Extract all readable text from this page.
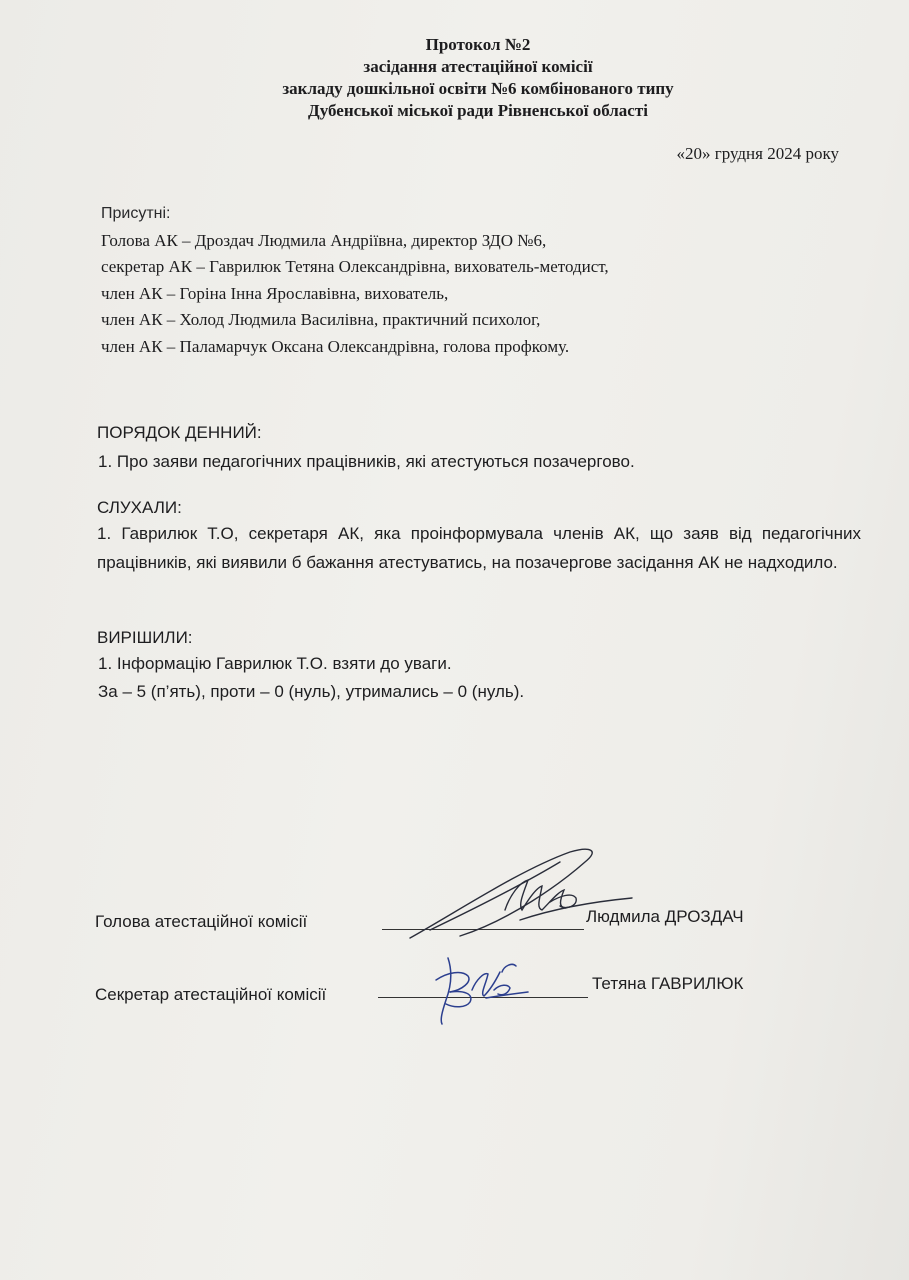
Протокол №2
засідання атестаційної комісії
закладу дошкільної освіти №6 комбінованого типу
Дубенської міської ради Рівненської області
«20» грудня 2024 року
Присутні:
Голова АК – Дроздач Людмила Андріївна, директор ЗДО №6,
секретар АК – Гаврилюк Тетяна Олександрівна, вихователь-методист,
член АК – Горіна Інна Ярославівна, вихователь,
член АК – Холод Людмила Василівна, практичний психолог,
член АК – Паламарчук Оксана Олександрівна, голова профкому.
ПОРЯДОК ДЕННИЙ:
1. Про заяви педагогічних працівників, які атестуються позачергово.
СЛУХАЛИ:
1. Гаврилюк Т.О, секретаря АК, яка проінформувала членів АК, що заяв від педагогічних працівників, які виявили б бажання атестуватись, на позачергове засідання АК не надходило.
ВИРІШИЛИ:
1. Інформацію Гаврилюк Т.О. взяти до уваги.
За – 5 (п’ять), проти – 0 (нуль), утримались – 0 (нуль).
Голова атестаційної комісії	Людмила ДРОЗДАЧ
Секретар атестаційної комісії
Тетяна ГАВРИЛЮК
